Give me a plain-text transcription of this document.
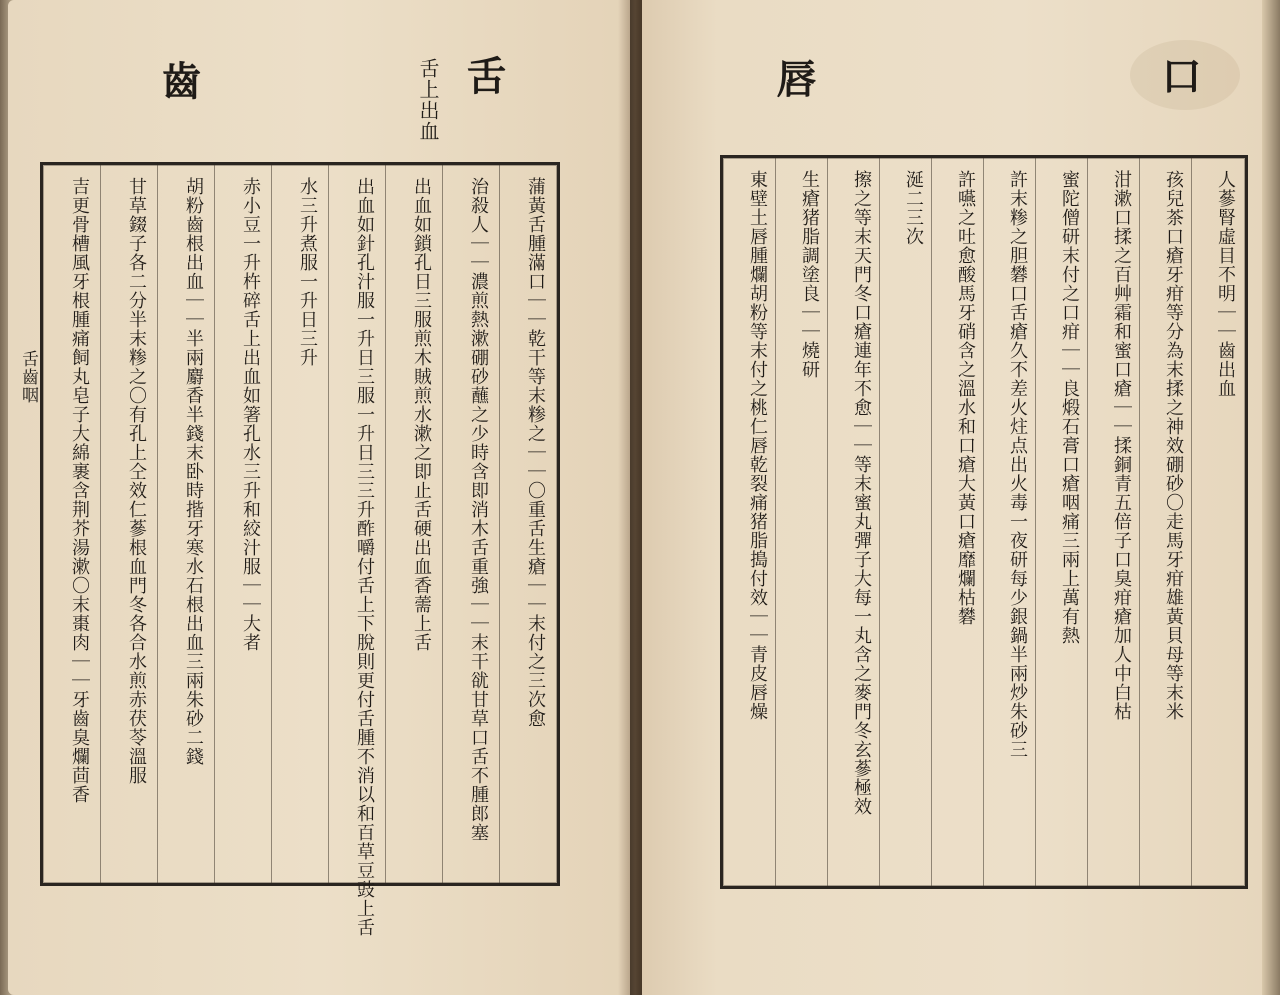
舌
舌上出血
齒
蒲黃舌腫滿口｜｜乾干等末糁之｜｜〇重舌生瘡｜｜末付之三次愈
治殺人｜｜濃煎熱漱硼砂蘸之少時含即消木舌重強｜｜末干㞃甘草口舌不腫郎塞
出血如鎖孔日三服煎木賊煎水漱之即止舌硬出血香薷上舌
出血如針孔汁服一升日三服一升日三三升酢嚼付舌上下脫則更付舌腫不消以和百草豆豉上舌
水三升煮服一升日三升
赤小豆一升杵碎舌上出血如箸孔水三升和絞汁服｜｜大者
胡粉齒根出血｜｜半兩麝香半錢末卧時揩牙寒水石根出血三兩朱砂二錢
甘草錣子各二分半末糁之〇有孔上仝效仁蔘根血門冬各合水煎赤茯苓溫服
吉更骨槽風牙根腫痛飼丸皂子大綿裹含荆芥湯漱〇末棗肉｜｜牙齒臭爛茴香
舌齒咽
口
唇
人蔘腎虛目不明｜｜齒出血
孩兒茶口瘡牙疳等分為末揉之神效硼砂〇走馬牙疳雄黃貝母等末米
泔漱口揉之百艸霜和蜜口瘡｜｜揉銅青五倍子口臭疳瘡加人中白枯
蜜陀僧研末付之口疳｜｜良煅石膏口瘡咽痛三兩上萬有熱
許末糁之胆礬口舌瘡久不差火炷点出火毒一夜研每少銀鍋半兩炒朱砂三
許嚥之吐愈酸馬牙硝含之溫水和口瘡大黃口瘡靡爛枯礬
涎二三次
擦之等末天門冬口瘡連年不愈｜｜等末蜜丸彈子大每一丸含之麥門冬玄蔘極效
生瘡猪脂調塗良｜｜燒研
東壁土唇腫爛胡粉等末付之桃仁唇乾裂痛猪脂搗付效｜｜青皮唇燥
